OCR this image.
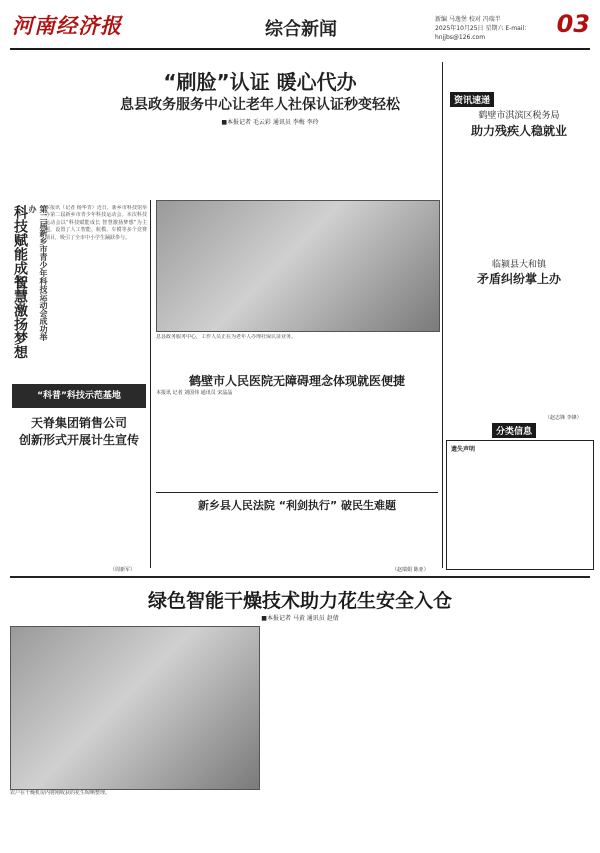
河南经济报	综合新闻	新编 马逸堡 校对 冯瑞半
2025年10月25日 星期六 E-mail：hnjjbs@126.com	03
“刷脸”认证 暖心代办
息县政务服务中心让老年人社保认证秒变轻松
■本报记者 毛云彩 通讯员 李梅 李玲
科技赋能成长
智慧激扬梦想	第二届新乡市青少年科技运动会成功举办	本报讯（记者 杨华青）近日，新乡市科技馆举办第二届新乡市青少年科技运动会。本次科技运动会以“科技赋能成长 智慧激扬梦想”为主题，设置了人工智能、航模、车模等多个竞赛项目，吸引了全市中小学生踊跃参与。
“科普”科技示范基地
天脊集团销售公司
创新形式开展计生宣传
（周新军）
息县政务服务中心，工作人员正在为老年人办理社保认证业务。
鹤壁市人民医院无障碍理念体现就医便捷
本报讯 记者 刘国伟 通讯员 宋晶晶
新乡县人民法院 “利剑执行” 破民生难题
（赵瑞娟 陈亚）
资讯速递
鹤壁市淇滨区税务局
助力残疾人稳就业
临颍县大和镇
矛盾纠纷掌上办
（赵志锋 李锋）
分类信息
遗失声明
绿色智能干燥技术助力花生安全入仓
■本报记者 马黄 通讯员 赵倩
农户在干燥机房内将刚收获的花生晾晒整理。
